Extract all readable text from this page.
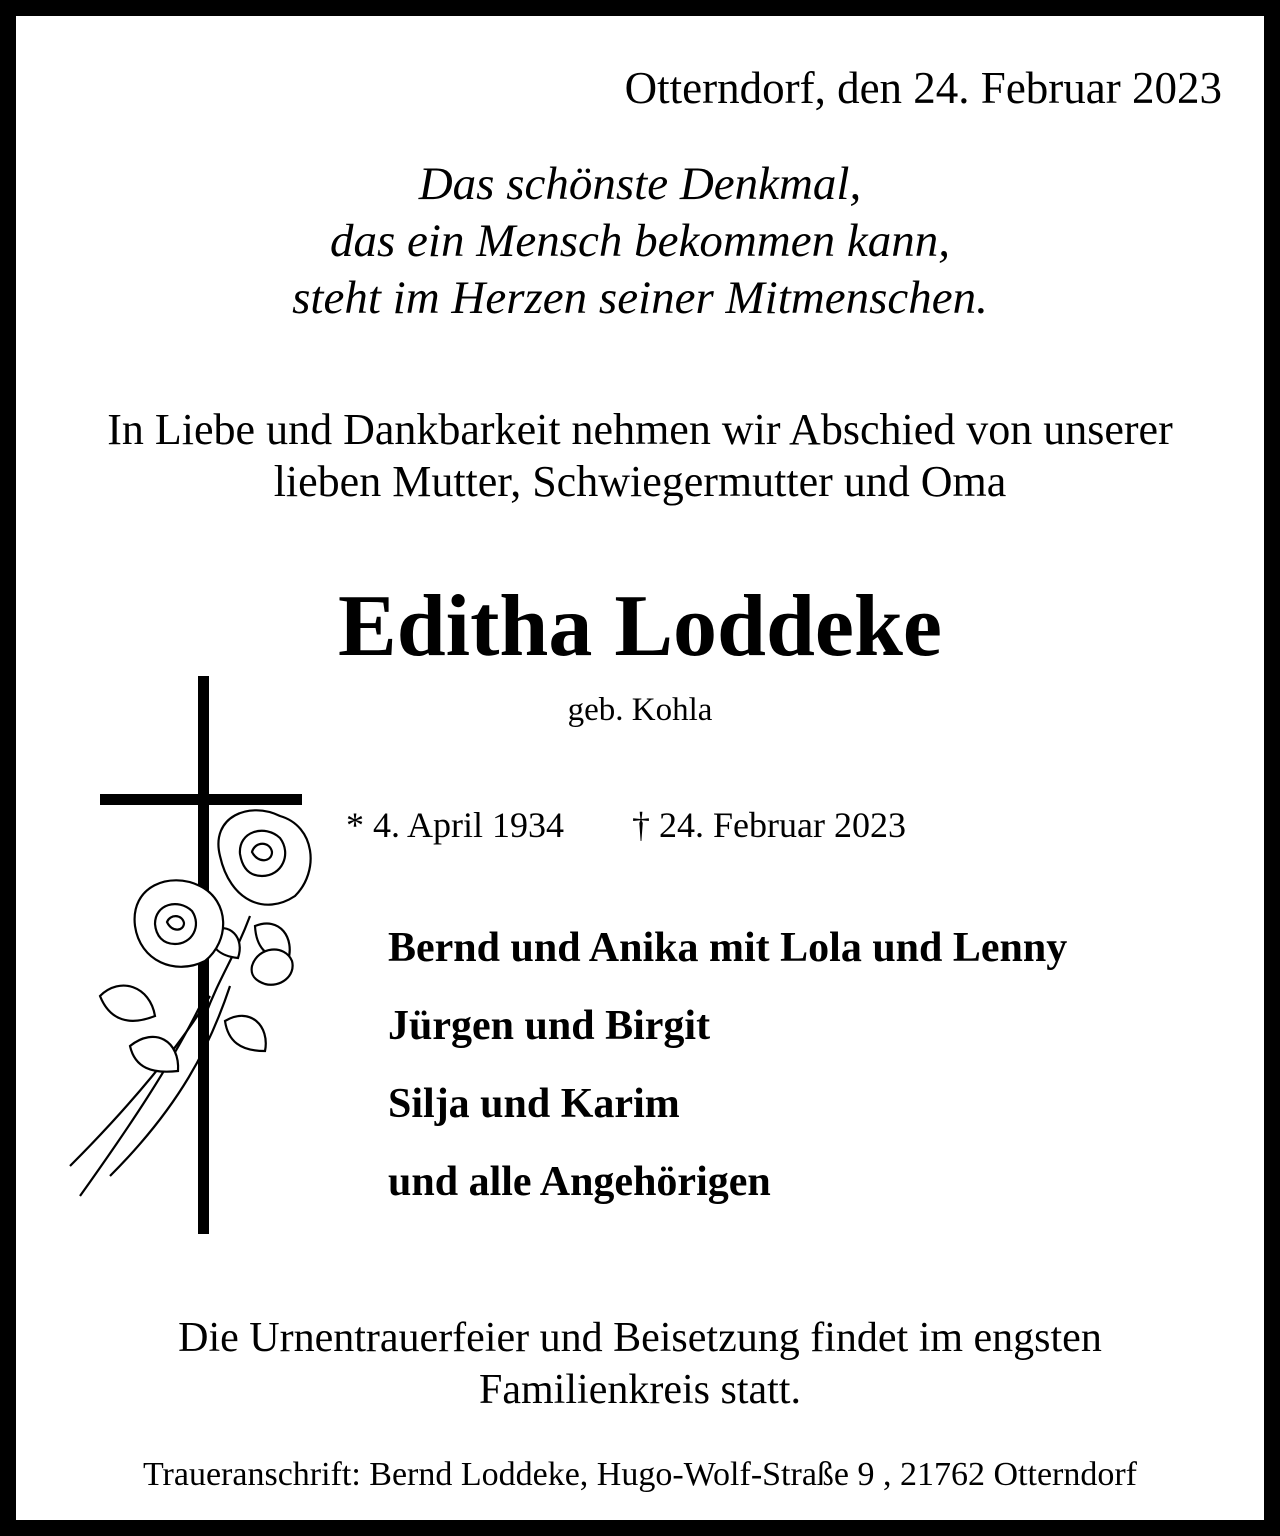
Otterndorf, den 24. Februar 2023

Das schönste Denkmal,
das ein Mensch bekommen kann,
steht im Herzen seiner Mitmenschen.
In Liebe und Dankbarkeit nehmen wir Abschied von unserer
lieben Mutter, Schwiegermutter und Oma
Editha Loddeke
geb. Kohla

* 4. April 1934 † 24. Februar 2023

Bernd und Anika mit Lola und Lenny

Jürgen und Birgit

Silja und Karim

und alle Angehörigen

Die Urnentrauerfeier und Beisetzung findet im engsten
Familienkreis statt.

Traueranschrift: Bernd Loddeke, Hugo-Wolf-Straße 9 , 21762 Otterndorf
